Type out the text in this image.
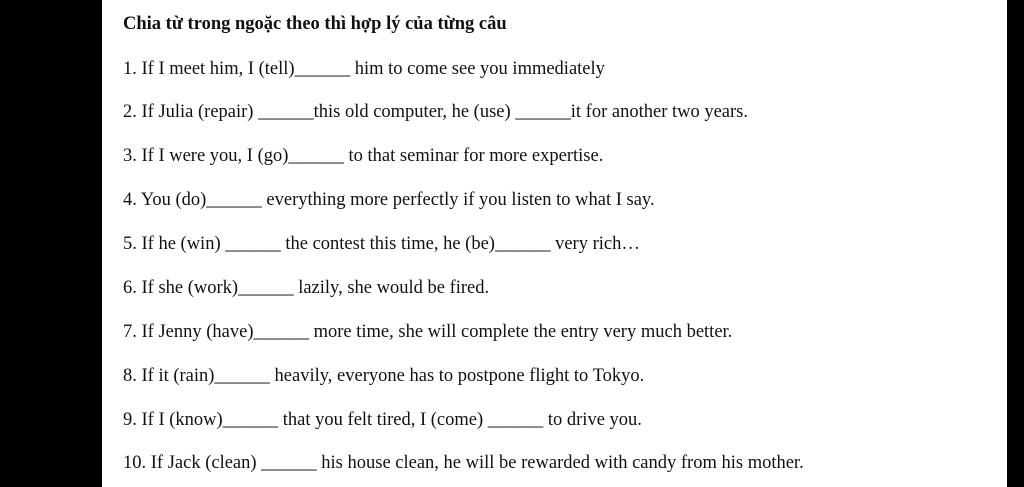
Chia từ trong ngoặc theo thì hợp lý của từng câu

1. If I meet him, I (tell)______ him to come see you immediately

2. If Julia (repair) ______this old computer, he (use) ______it for another two years.

3. If I were you, I (go)______ to that seminar for more expertise.

4. You (do)______ everything more perfectly if you listen to what I say.

5. If he (win) ______ the contest this time, he (be)______ very rich…

6. If she (work)______ lazily, she would be fired.

7. If Jenny (have)______ more time, she will complete the entry very much better.

8. If it (rain)______ heavily, everyone has to postpone flight to Tokyo.

9. If I (know)______ that you felt tired, I (come) ______ to drive you.

10. If Jack (clean) ______ his house clean, he will be rewarded with candy from his mother.
